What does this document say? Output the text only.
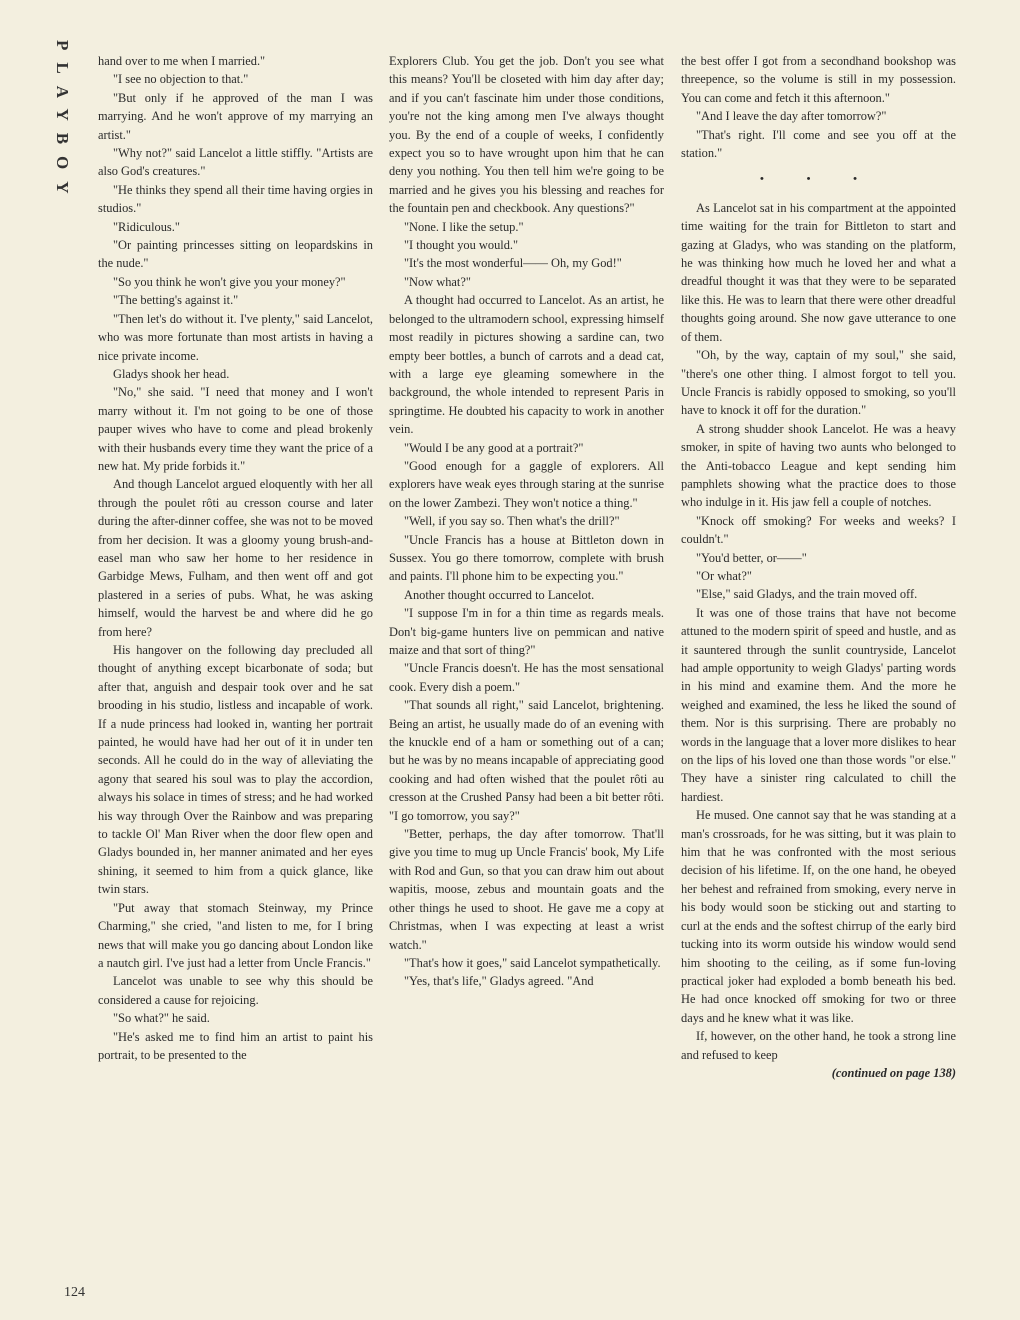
PLAYBOY
124

hand over to me when I married."

"I see no objection to that."

"But only if he approved of the man I was marrying. And he won't approve of my marrying an artist."

"Why not?" said Lancelot a little stiffly. "Artists are also God's creatures."

"He thinks they spend all their time having orgies in studios."

"Ridiculous."

"Or painting princesses sitting on leopardskins in the nude."

"So you think he won't give you your money?"

"The betting's against it."

"Then let's do without it. I've plenty," said Lancelot, who was more fortunate than most artists in having a nice private income.

Gladys shook her head.

"No," she said. "I need that money and I won't marry without it. I'm not going to be one of those pauper wives who have to come and plead brokenly with their husbands every time they want the price of a new hat. My pride forbids it."

And though Lancelot argued eloquently with her all through the poulet rôti au cresson course and later during the after-dinner coffee, she was not to be moved from her decision. It was a gloomy young brush-and-easel man who saw her home to her residence in Garbidge Mews, Fulham, and then went off and got plastered in a series of pubs. What, he was asking himself, would the harvest be and where did he go from here?

His hangover on the following day precluded all thought of anything except bicarbonate of soda; but after that, anguish and despair took over and he sat brooding in his studio, listless and incapable of work. If a nude princess had looked in, wanting her portrait painted, he would have had her out of it in under ten seconds. All he could do in the way of alleviating the agony that seared his soul was to play the accordion, always his solace in times of stress; and he had worked his way through Over the Rainbow and was preparing to tackle Ol' Man River when the door flew open and Gladys bounded in, her manner animated and her eyes shining, it seemed to him from a quick glance, like twin stars.

"Put away that stomach Steinway, my Prince Charming," she cried, "and listen to me, for I bring news that will make you go dancing about London like a nautch girl. I've just had a letter from Uncle Francis."

Lancelot was unable to see why this should be considered a cause for rejoicing.

"So what?" he said.

"He's asked me to find him an artist to paint his portrait, to be presented to the

Explorers Club. You get the job. Don't you see what this means? You'll be closeted with him day after day; and if you can't fascinate him under those conditions, you're not the king among men I've always thought you. By the end of a couple of weeks, I confidently expect you so to have wrought upon him that he can deny you nothing. You then tell him we're going to be married and he gives you his blessing and reaches for the fountain pen and checkbook. Any questions?"

"None. I like the setup."

"I thought you would."

"It's the most wonderful—— Oh, my God!"

"Now what?"

A thought had occurred to Lancelot. As an artist, he belonged to the ultramodern school, expressing himself most readily in pictures showing a sardine can, two empty beer bottles, a bunch of carrots and a dead cat, with a large eye gleaming somewhere in the background, the whole intended to represent Paris in springtime. He doubted his capacity to work in another vein.

"Would I be any good at a portrait?"

"Good enough for a gaggle of explorers. All explorers have weak eyes through staring at the sunrise on the lower Zambezi. They won't notice a thing."

"Well, if you say so. Then what's the drill?"

"Uncle Francis has a house at Bittleton down in Sussex. You go there tomorrow, complete with brush and paints. I'll phone him to be expecting you."

Another thought occurred to Lancelot.

"I suppose I'm in for a thin time as regards meals. Don't big-game hunters live on pemmican and native maize and that sort of thing?"

"Uncle Francis doesn't. He has the most sensational cook. Every dish a poem."

"That sounds all right," said Lancelot, brightening. Being an artist, he usually made do of an evening with the knuckle end of a ham or something out of a can; but he was by no means incapable of appreciating good cooking and had often wished that the poulet rôti au cresson at the Crushed Pansy had been a bit better rôti. "I go tomorrow, you say?"

"Better, perhaps, the day after tomorrow. That'll give you time to mug up Uncle Francis' book, My Life with Rod and Gun, so that you can draw him out about wapitis, moose, zebus and mountain goats and the other things he used to shoot. He gave me a copy at Christmas, when I was expecting at least a wrist watch."

"That's how it goes," said Lancelot sympathetically.

"Yes, that's life," Gladys agreed. "And

the best offer I got from a secondhand bookshop was threepence, so the volume is still in my possession. You can come and fetch it this afternoon."

"And I leave the day after tomorrow?"

"That's right. I'll come and see you off at the station."

• • •

As Lancelot sat in his compartment at the appointed time waiting for the train for Bittleton to start and gazing at Gladys, who was standing on the platform, he was thinking how much he loved her and what a dreadful thought it was that they were to be separated like this. He was to learn that there were other dreadful thoughts going around. She now gave utterance to one of them.

"Oh, by the way, captain of my soul," she said, "there's one other thing. I almost forgot to tell you. Uncle Francis is rabidly opposed to smoking, so you'll have to knock it off for the duration."

A strong shudder shook Lancelot. He was a heavy smoker, in spite of having two aunts who belonged to the Anti-tobacco League and kept sending him pamphlets showing what the practice does to those who indulge in it. His jaw fell a couple of notches.

"Knock off smoking? For weeks and weeks? I couldn't."

"You'd better, or——"

"Or what?"

"Else," said Gladys, and the train moved off.

It was one of those trains that have not become attuned to the modern spirit of speed and hustle, and as it sauntered through the sunlit countryside, Lancelot had ample opportunity to weigh Gladys' parting words in his mind and examine them. And the more he weighed and examined, the less he liked the sound of them. Nor is this surprising. There are probably no words in the language that a lover more dislikes to hear on the lips of his loved one than those words "or else." They have a sinister ring calculated to chill the hardiest.

He mused. One cannot say that he was standing at a man's crossroads, for he was sitting, but it was plain to him that he was confronted with the most serious decision of his lifetime. If, on the one hand, he obeyed her behest and refrained from smoking, every nerve in his body would soon be sticking out and starting to curl at the ends and the softest chirrup of the early bird tucking into its worm outside his window would send him shooting to the ceiling, as if some fun-loving practical joker had exploded a bomb beneath his bed. He had once knocked off smoking for two or three days and he knew what it was like.

If, however, on the other hand, he took a strong line and refused to keep

(continued on page 138)
